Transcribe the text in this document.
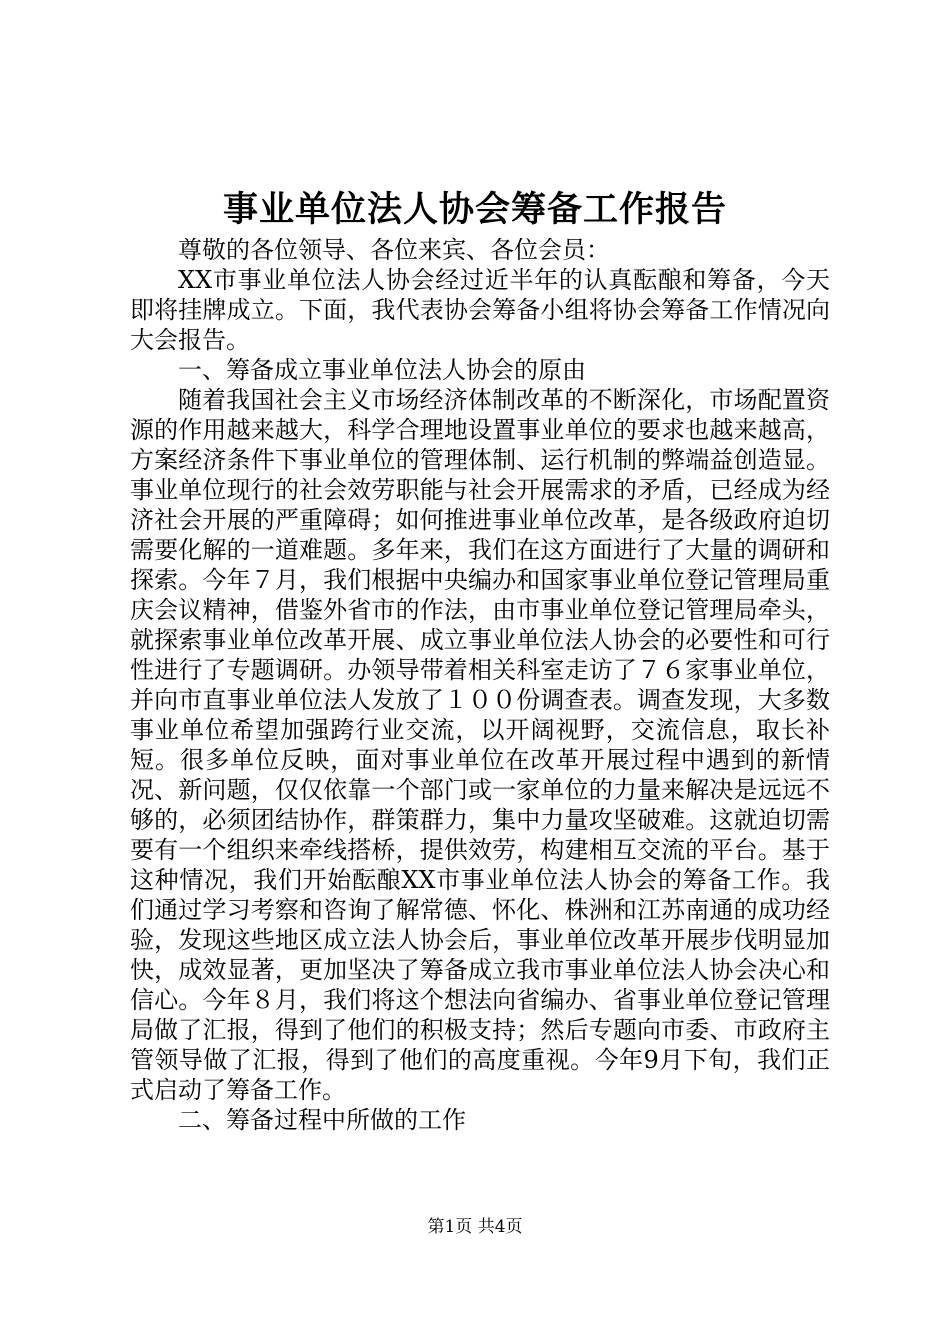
事业单位法人协会筹备工作报告

尊敬的各位领导、各位来宾、各位会员：

XX市事业单位法人协会经过近半年的认真酝酿和筹备，今天即将挂牌成立。下面，我代表协会筹备小组将协会筹备工作情况向大会报告。

一、筹备成立事业单位法人协会的原由

随着我国社会主义市场经济体制改革的不断深化，市场配置资源的作用越来越大，科学合理地设置事业单位的要求也越来越高，方案经济条件下事业单位的管理体制、运行机制的弊端益创造显。事业单位现行的社会效劳职能与社会开展需求的矛盾，已经成为经济社会开展的严重障碍；如何推进事业单位改革，是各级政府迫切需要化解的一道难题。多年来，我们在这方面进行了大量的调研和探索。今年７月，我们根据中央编办和国家事业单位登记管理局重庆会议精神，借鉴外省市的作法，由市事业单位登记管理局牵头，就探索事业单位改革开展、成立事业单位法人协会的必要性和可行性进行了专题调研。办领导带着相关科室走访了７６家事业单位，并向市直事业单位法人发放了１００份调查表。调查发现，大多数事业单位希望加强跨行业交流，以开阔视野，交流信息，取长补短。很多单位反映，面对事业单位在改革开展过程中遇到的新情况、新问题，仅仅依靠一个部门或一家单位的力量来解决是远远不够的，必须团结协作，群策群力，集中力量攻坚破难。这就迫切需要有一个组织来牵线搭桥，提供效劳，构建相互交流的平台。基于这种情况，我们开始酝酿XX市事业单位法人协会的筹备工作。我们通过学习考察和咨询了解常德、怀化、株洲和江苏南通的成功经验，发现这些地区成立法人协会后，事业单位改革开展步伐明显加快，成效显著，更加坚决了筹备成立我市事业单位法人协会决心和信心。今年８月，我们将这个想法向省编办、省事业单位登记管理局做了汇报，得到了他们的积极支持；然后专题向市委、市政府主管领导做了汇报，得到了他们的高度重视。今年9月下旬，我们正式启动了筹备工作。

二、筹备过程中所做的工作

第1页 共4页
